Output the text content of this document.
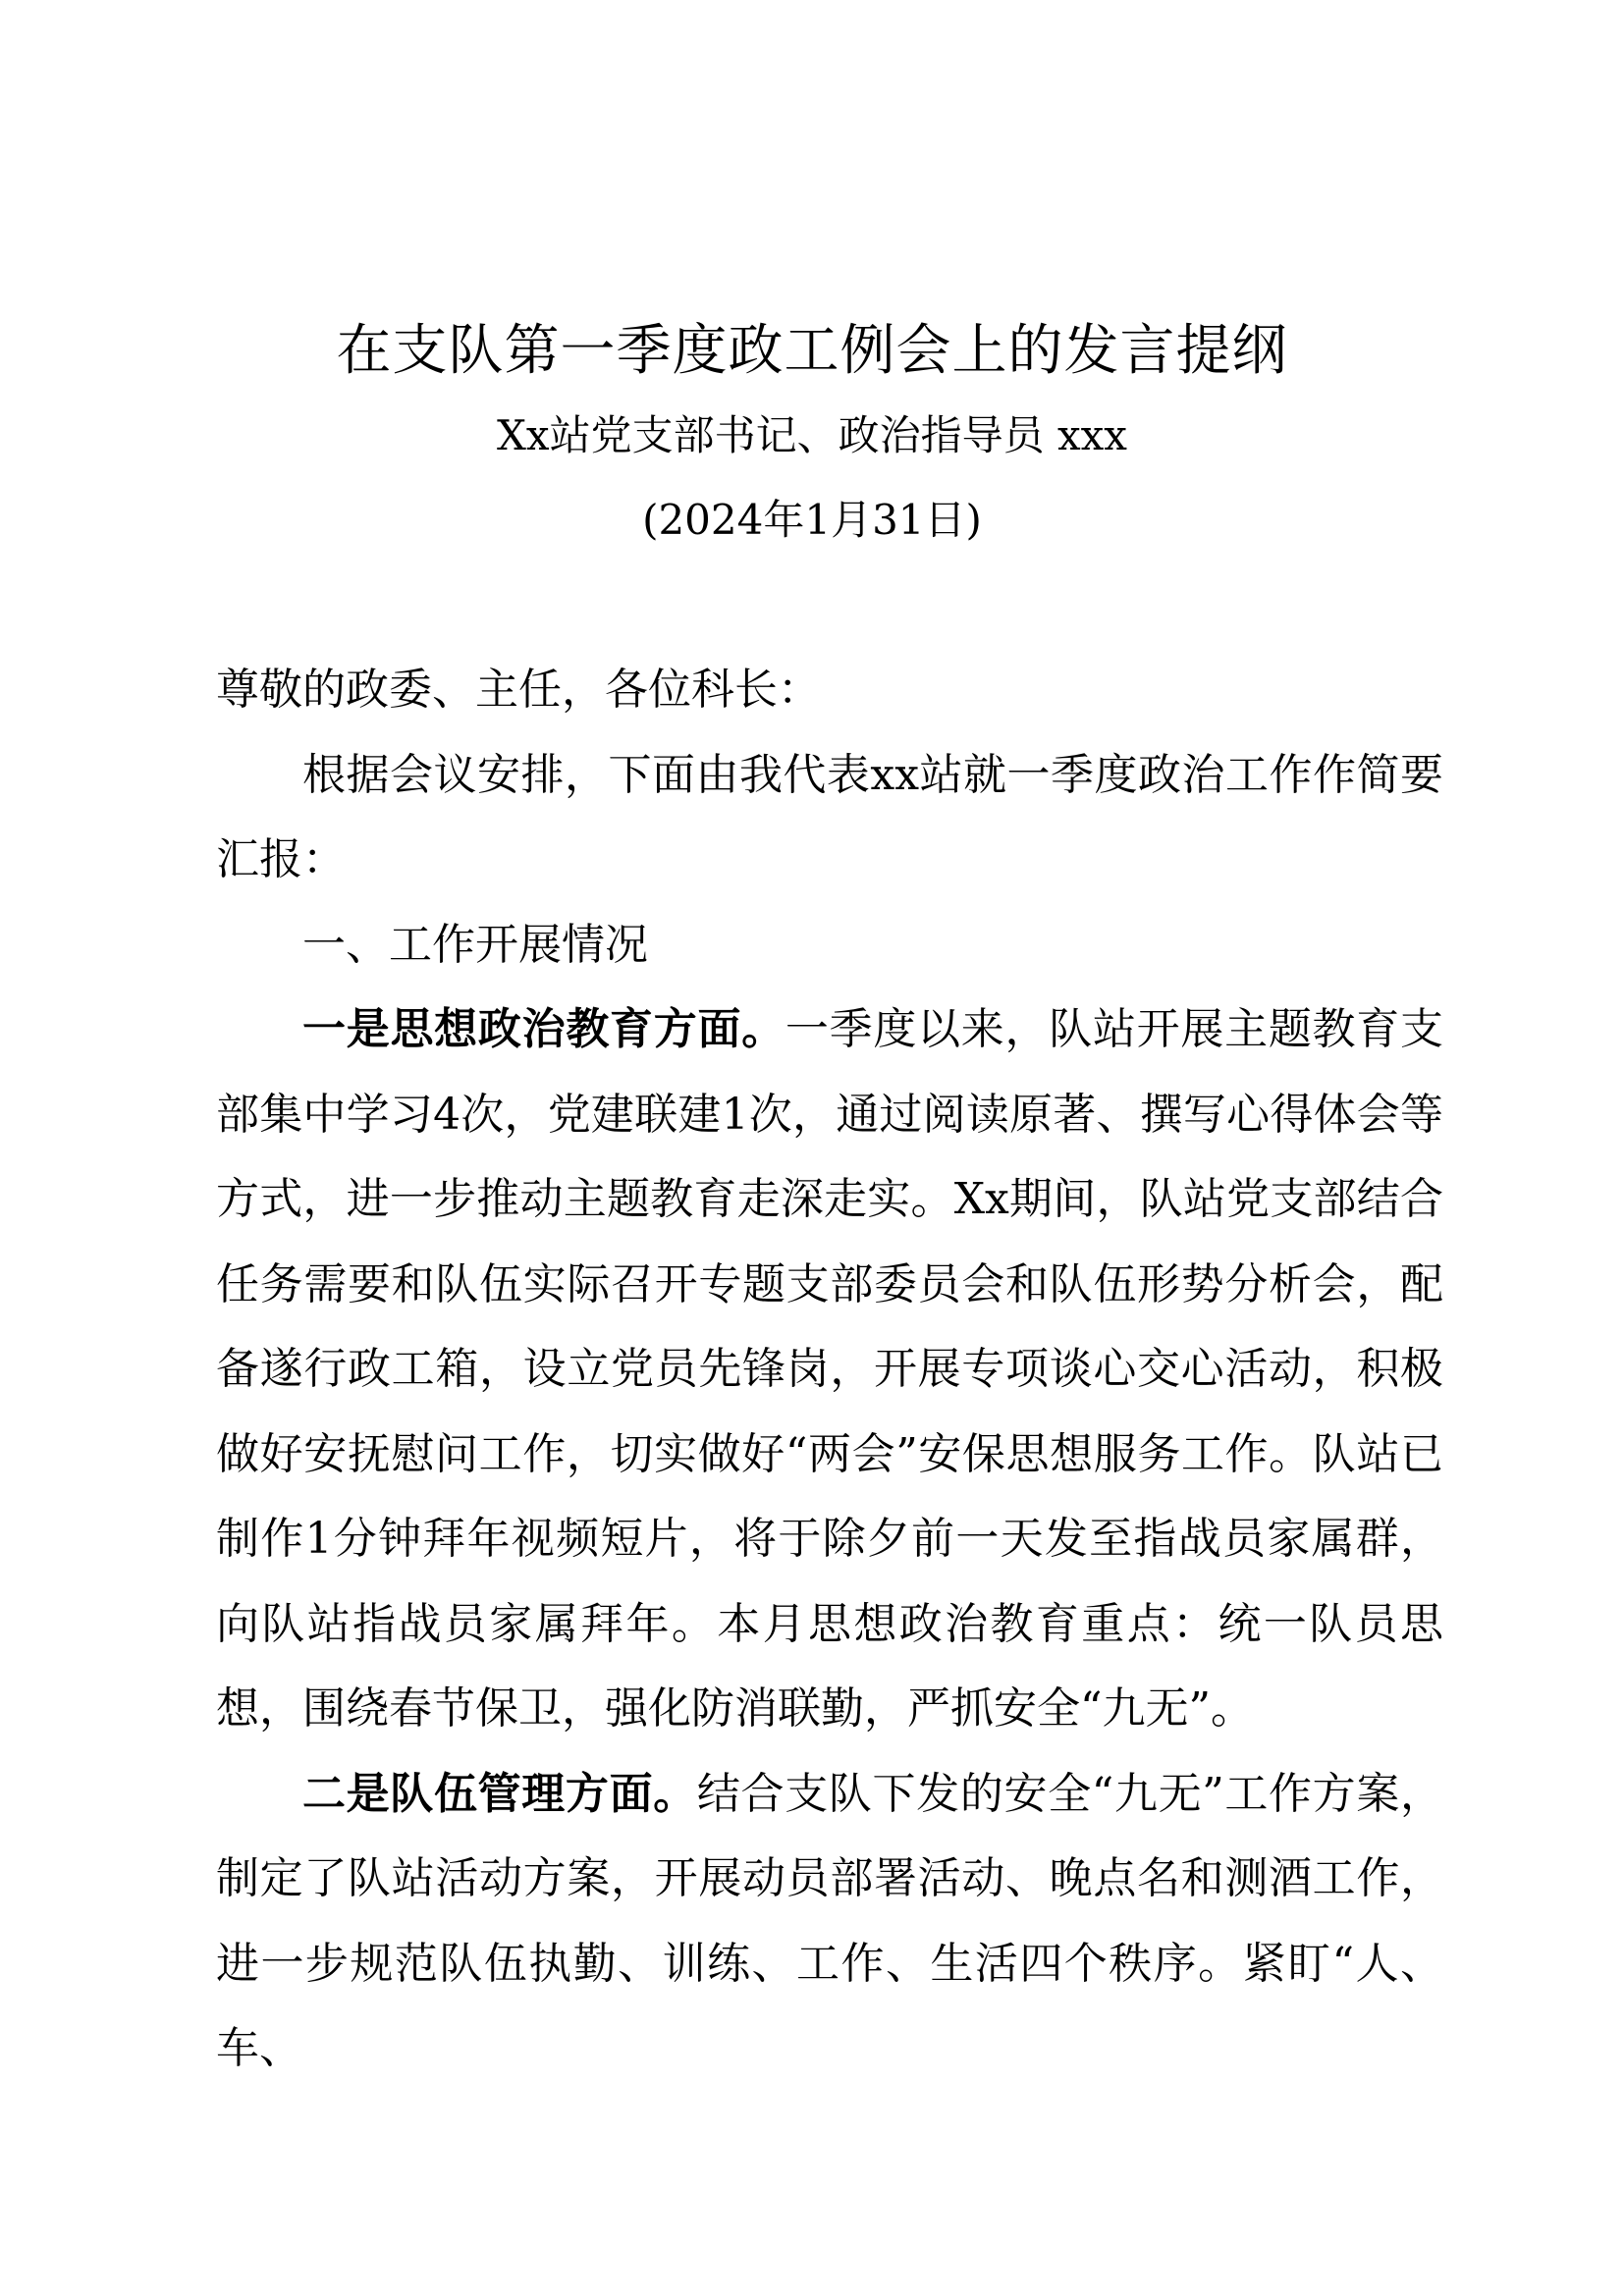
在支队第一季度政工例会上的发言提纲
Xx站党支部书记、政治指导员 xxx
(2024年1月31日)

尊敬的政委、主任，各位科长：

根据会议安排，下面由我代表xx站就一季度政治工作作简要汇报：

一、工作开展情况

一是思想政治教育方面。一季度以来，队站开展主题教育支部集中学习4次，党建联建1次，通过阅读原著、撰写心得体会等方式，进一步推动主题教育走深走实。Xx期间，队站党支部结合任务需要和队伍实际召开专题支部委员会和队伍形势分析会，配备遂行政工箱，设立党员先锋岗，开展专项谈心交心活动，积极做好安抚慰问工作，切实做好“两会”安保思想服务工作。队站已制作1分钟拜年视频短片，将于除夕前一天发至指战员家属群，向队站指战员家属拜年。本月思想政治教育重点：统一队员思想，围绕春节保卫，强化防消联勤，严抓安全“九无”。

二是队伍管理方面。结合支队下发的安全“九无”工作方案，制定了队站活动方案，开展动员部署活动、晚点名和测酒工作，进一步规范队伍执勤、训练、工作、生活四个秩序。紧盯“人、车、
